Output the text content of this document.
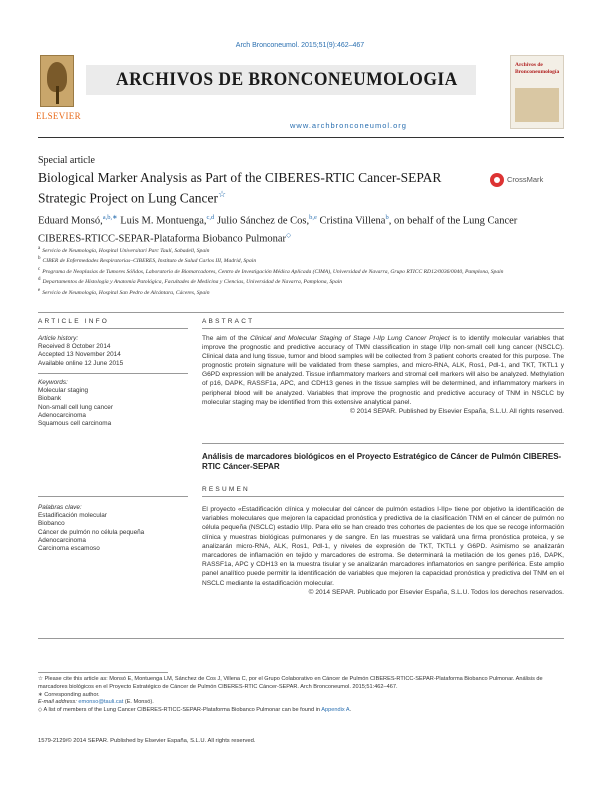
Arch Bronconeumol. 2015;51(9):462–467
ELSEVIER
ARCHIVOS DE BRONCONEUMOLOGIA
www.archbronconeumol.org
Archivos de Bronconeumología
Special article
Biological Marker Analysis as Part of the CIBERES-RTIC Cancer-SEPAR Strategic Project on Lung Cancer☆
CrossMark
Eduard Monsó,$^{a,b,∗}$ Luis M. Montuenga,$^{c,d}$ Julio Sánchez de Cos,$^{b,e}$ Cristina Villena$^b$, on behalf of the Lung Cancer CIBERES-RTICC-SEPAR-Plataforma Biobanco Pulmonar◇
a Servicio de Neumología, Hospital Universitari Parc Taulí, Sabadell, Spain
b CIBER de Enfermedades Respiratorias–CIBERES, Instituto de Salud Carlos III, Madrid, Spain
c Programa de Neoplasias de Tumores Sólidos, Laboratorio de Biomarcadores, Centro de Investigación Médica Aplicada (CIMA), Universidad de Navarra, Grupo RTICC RD12/0036/0040, Pamplona, Spain
d Departamentos de Histología y Anatomía Patológica, Facultades de Medicina y Ciencias, Universidad de Navarra, Pamplona, Spain
e Servicio de Neumología, Hospital San Pedro de Alcántara, Cáceres, Spain
ARTICLE INFO	ABSTRACT
Article history:
Received 8 October 2014
Accepted 13 November 2014
Available online 12 June 2015
Keywords:
Molecular staging
Biobank
Non-small cell lung cancer
Adenocarcinoma
Squamous cell carcinoma
The aim of the Clinical and Molecular Staging of Stage I-IIp Lung Cancer Project is to identify molecular variables that improve the prognostic and predictive accuracy of TMN classification in stage I/IIp non-small cell lung cancer (NSCLC). Clinical data and lung tissue, tumor and blood samples will be collected from 3 patient cohorts created for this purpose. The prognostic protein signature will be validated from these samples, and micro-RNA, ALK, Ros1, Pdl-1, and TKT, TKTL1 y G6PD expression will be analyzed. Tissue inflammatory markers and stromal cell markers will also be analyzed. Methylation of p16, DAPK, RASSF1a, APC, and CDH13 genes in the tissue samples will be determined, and inflammatory markers in peripheral blood will be analyzed. Variables that improve the prognostic and predictive accuracy of TNM in NSCLC by molecular staging may be identified from this extensive analytical panel.
© 2014 SEPAR. Published by Elsevier España, S.L.U. All rights reserved.
Análisis de marcadores biológicos en el Proyecto Estratégico de Cáncer de Pulmón CIBERES-RTIC Cáncer-SEPAR
RESUMEN
Palabras clave:
Estadificación molecular
Biobanco
Cáncer de pulmón no célula pequeña
Adenocarcinoma
Carcinoma escamoso
El proyecto «Estadificación clínica y molecular del cáncer de pulmón estadios I-IIp» tiene por objetivo la identificación de variables moleculares que mejoren la capacidad pronóstica y predictiva de la clasificación TNM en el cáncer de pulmón no célula pequeña (NSCLC) estadio I/IIp. Para ello se han creado tres cohortes de pacientes de los que se recoge información clínica y muestras biológicas pulmonares y de sangre. En las muestras se validará una firma pronóstica proteica, y se analizarán micro-RNA, ALK, Ros1, Pdl-1, y niveles de expresión de TKT, TKTL1 y G6PD. Asimismo se analizarán marcadores de inflamación en tejido y marcadores de estroma. Se determinará la metilación de los genes p16, DAPK, RASSF1a, APC y CDH13 en la muestra tisular y se analizarán marcadores inflamatorios en sangre periférica. Este amplio panel analítico puede permitir la identificación de variables que mejoren la capacidad pronóstica y predictiva del TNM en el NSCLC mediante la estadificación molecular.
© 2014 SEPAR. Publicado por Elsevier España, S.L.U. Todos los derechos reservados.
☆ Please cite this article as: Monsó E, Montuenga LM, Sánchez de Cos J, Villena C, por el Grupo Colaborativo en Cáncer de Pulmón CIBERES-RTICC-SEPAR-Plataforma Biobanco Pulmonar. Análisis de marcadores biológicos en el Proyecto Estratégico de Cáncer de Pulmón CIBERES-RTIC Cáncer-SEPAR. Arch Bronconeumol. 2015;51:462–467.
∗ Corresponding author.
E-mail address: emonso@tauli.cat (E. Monsó).
◇ A list of members of the Lung Cancer CIBERES-RTICC-SEPAR-Plataforma Biobanco Pulmonar can be found in Appendix A.
1579-2129/© 2014 SEPAR. Published by Elsevier España, S.L.U. All rights reserved.
